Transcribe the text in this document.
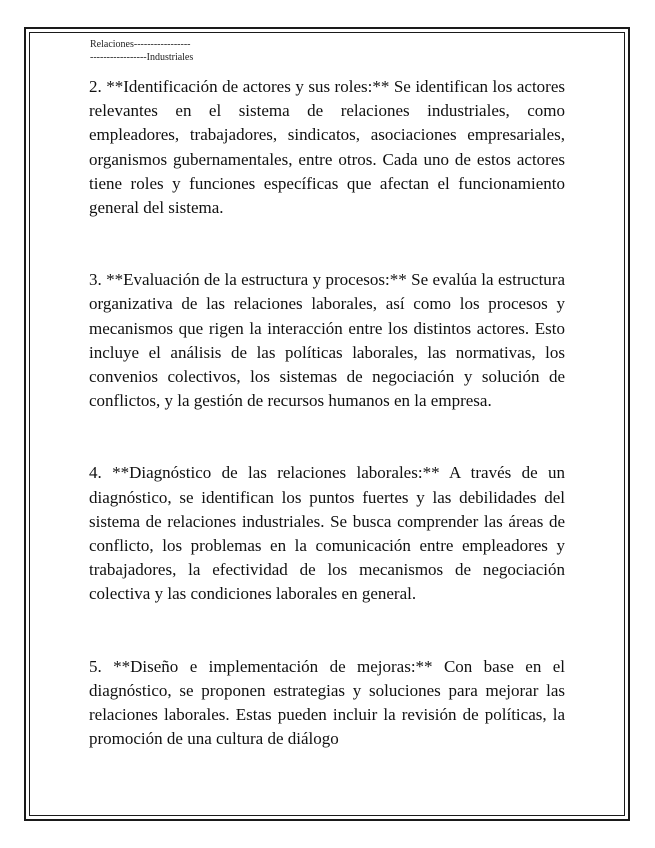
Relaciones-----------------
-----------------Industriales

2. **Identificación de actores y sus roles:** Se identifican los actores relevantes en el sistema de relaciones industriales, como empleadores, trabajadores, sindicatos, asociaciones empresariales, organismos gubernamentales, entre otros. Cada uno de estos actores tiene roles y funciones específicas que afectan el funcionamiento general del sistema.

3. **Evaluación de la estructura y procesos:** Se evalúa la estructura organizativa de las relaciones laborales, así como los procesos y mecanismos que rigen la interacción entre los distintos actores. Esto incluye el análisis de las políticas laborales, las normativas, los convenios colectivos, los sistemas de negociación y solución de conflictos, y la gestión de recursos humanos en la empresa.

4. **Diagnóstico de las relaciones laborales:** A través de un diagnóstico, se identifican los puntos fuertes y las debilidades del sistema de relaciones industriales. Se busca comprender las áreas de conflicto, los problemas en la comunicación entre empleadores y trabajadores, la efectividad de los mecanismos de negociación colectiva y las condiciones laborales en general.

5. **Diseño e implementación de mejoras:** Con base en el diagnóstico, se proponen estrategias y soluciones para mejorar las relaciones laborales. Estas pueden incluir la revisión de políticas, la promoción de una cultura de diálogo
